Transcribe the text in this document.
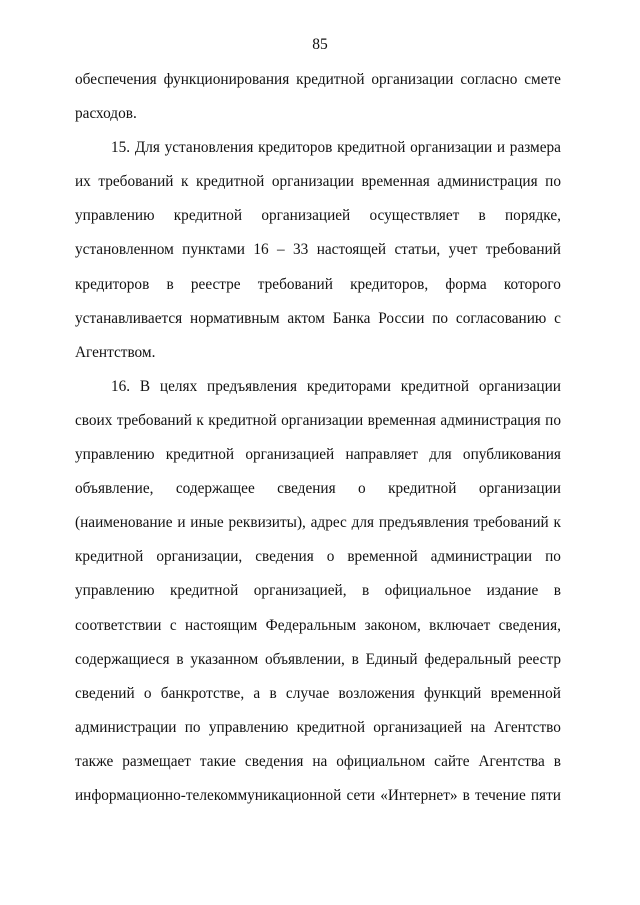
85
обеспечения функционирования кредитной организации согласно смете
расходов.
15. Для установления кредиторов кредитной организации и размера
их требований к кредитной организации временная администрация по
управлению кредитной организацией осуществляет в порядке,
установленном пунктами 16 – 33 настоящей статьи, учет требований
кредиторов в реестре требований кредиторов, форма которого
устанавливается нормативным актом Банка России по согласованию с
Агентством.
16. В целях предъявления кредиторами кредитной организации
своих требований к кредитной организации временная администрация по
управлению кредитной организацией направляет для опубликования
объявление, содержащее сведения о кредитной организации
(наименование и иные реквизиты), адрес для предъявления требований к
кредитной организации, сведения о временной администрации по
управлению кредитной организацией, в официальное издание в
соответствии с настоящим Федеральным законом, включает сведения,
содержащиеся в указанном объявлении, в Единый федеральный реестр
сведений о банкротстве, а в случае возложения функций временной
администрации по управлению кредитной организацией на Агентство
также размещает такие сведения на официальном сайте Агентства в
информационно-телекоммуникационной сети «Интернет» в течение пяти
